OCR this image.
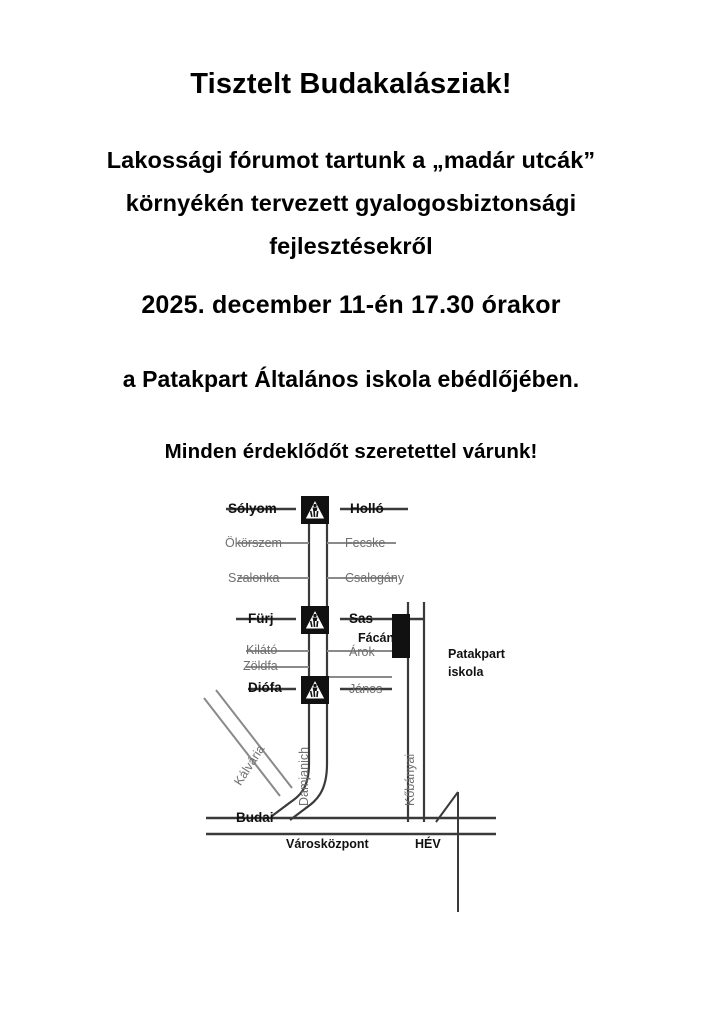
Tisztelt Budakalásziak!
Lakossági fórumot tartunk a „madár utcák”
környékén tervezett gyalogosbiztonsági
fejlesztésekről
2025. december 11-én 17.30 órakor
a Patakpart Általános iskola ebédlőjében.
Minden érdeklődőt szeretettel várunk!
Sólyom	Holló
Ökörszem	Fecske
Szalonka	Csalogány
Fürj	Sas
Kilátó
Fácán
Zöldfa
Árok
Diófa	János
Patakpart
iskola
Kálvária Damjanich	Kőbányai
Budai
Városközpont	HÉV
